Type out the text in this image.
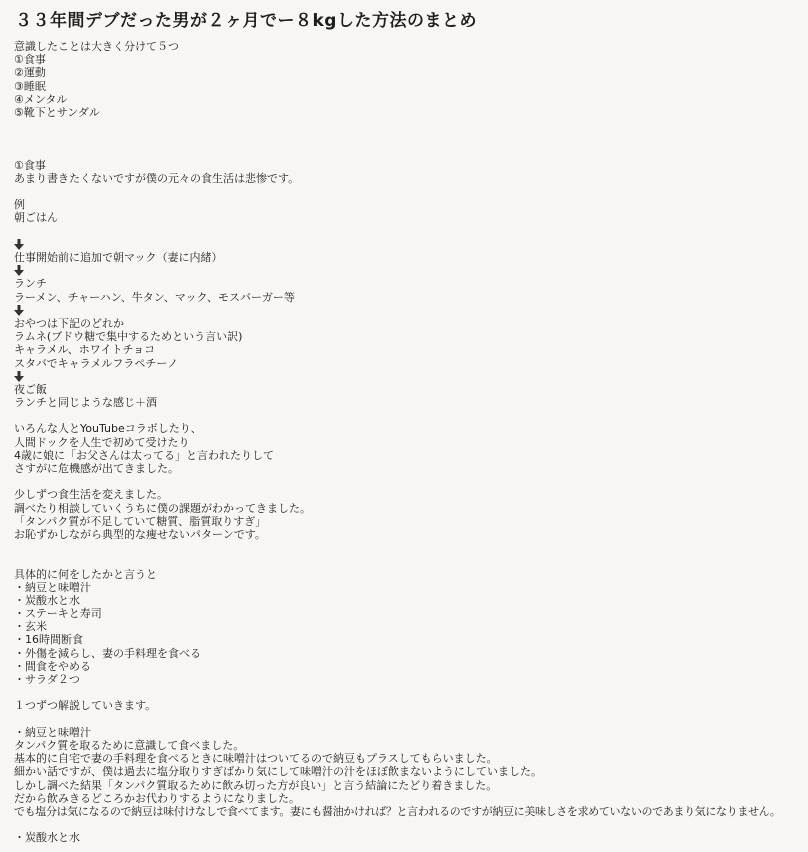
３３年間デブだった男が２ヶ月でー８kgした方法のまとめ
意識したことは大きく分けて５つ
①食事
②運動
③睡眠
④メンタル
⑤靴下とサンダル
①食事
あまり書きたくないですが僕の元々の食生活は悲惨です。
例
朝ごはん
仕事開始前に追加で朝マック（妻に内緒）
ランチ
ラーメン、チャーハン、牛タン、マック、モスバーガー等
おやつは下記のどれか
ラムネ(ブドウ糖で集中するためという言い訳)
キャラメル、ホワイトチョコ
スタバでキャラメルフラペチーノ
夜ご飯
ランチと同じような感じ＋酒
いろんな人とYouTubeコラボしたり、
人間ドックを人生で初めて受けたり
4歳に娘に「お父さんは太ってる」と言われたりして
さすがに危機感が出てきました。
少しずつ食生活を変えました。
調べたり相談していくうちに僕の課題がわかってきました。
「タンパク質が不足していて糖質、脂質取りすぎ」
お恥ずかしながら典型的な痩せないパターンです。
具体的に何をしたかと言うと
・納豆と味噌汁
・炭酸水と水
・ステーキと寿司
・玄米
・16時間断食
・外傷を減らし、妻の手料理を食べる
・間食をやめる
・サラダ２つ
１つずつ解説していきます。
・納豆と味噌汁
タンパク質を取るために意識して食べました。
基本的に自宅で妻の手料理を食べるときに味噌汁はついてるので納豆もプラスしてもらいました。
細かい話ですが、僕は過去に塩分取りすぎばかり気にして味噌汁の汁をほぼ飲まないようにしていました。
しかし調べた結果「タンパク質取るために飲み切った方が良い」と言う結論にたどり着きました。
だから飲みきるどころかお代わりするようになりました。
でも塩分は気になるので納豆は味付けなしで食べてます。妻にも醤油かければ？と言われるのですが納豆に美味しさを求めていないのであまり気になりません。
・炭酸水と水
